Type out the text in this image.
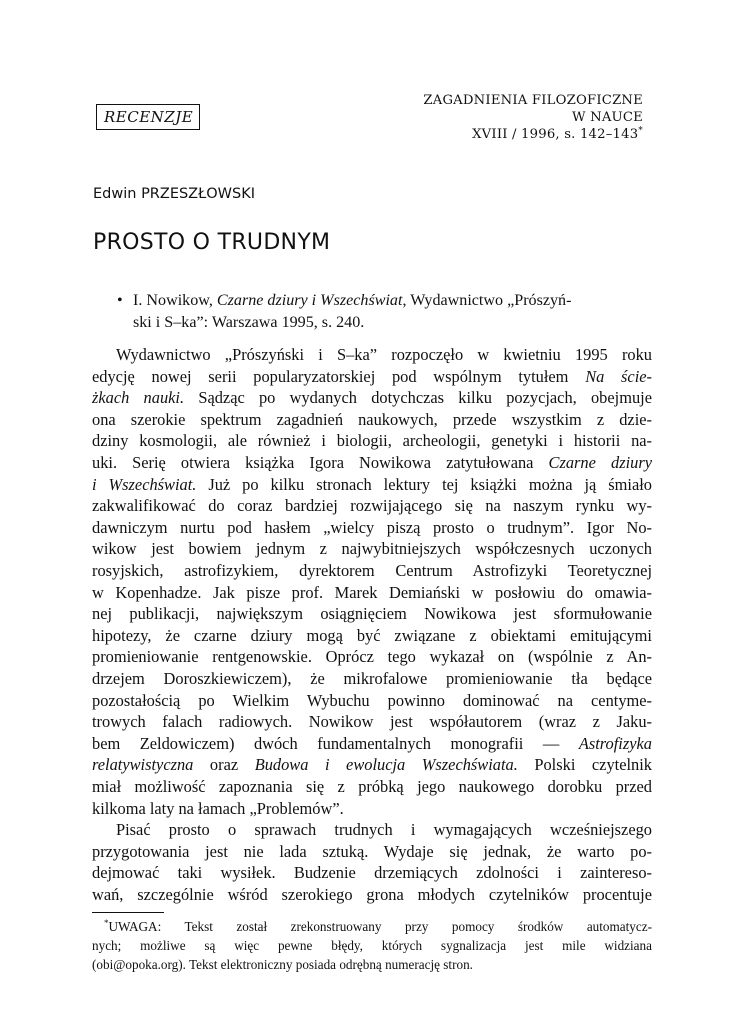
RECENZJE
ZAGADNIENIA FILOZOFICZNE
W NAUCE
XVIII / 1996, s. 142–143*
Edwin PRZESZŁOWSKI
PROSTO O TRUDNYM
• I. Nowikow, Czarne dziury i Wszechświat, Wydawnictwo „Prószyń-
ski i S–ka”: Warszawa 1995, s. 240.
Wydawnictwo „Prószyński i S–ka” rozpoczęło w kwietniu 1995 roku
edycję nowej serii popularyzatorskiej pod wspólnym tytułem Na ście-
żkach nauki. Sądząc po wydanych dotychczas kilku pozycjach, obejmuje
ona szerokie spektrum zagadnień naukowych, przede wszystkim z dzie-
dziny kosmologii, ale również i biologii, archeologii, genetyki i historii na-
uki. Serię otwiera książka Igora Nowikowa zatytułowana Czarne dziury
i Wszechświat. Już po kilku stronach lektury tej książki można ją śmiało
zakwalifikować do coraz bardziej rozwijającego się na naszym rynku wy-
dawniczym nurtu pod hasłem „wielcy piszą prosto o trudnym”. Igor No-
wikow jest bowiem jednym z najwybitniejszych współczesnych uczonych
rosyjskich, astrofizykiem, dyrektorem Centrum Astrofizyki Teoretycznej
w Kopenhadze. Jak pisze prof. Marek Demiański w posłowiu do omawia-
nej publikacji, największym osiągnięciem Nowikowa jest sformułowanie
hipotezy, że czarne dziury mogą być związane z obiektami emitującymi
promieniowanie rentgenowskie. Oprócz tego wykazał on (wspólnie z An-
drzejem Doroszkiewiczem), że mikrofalowe promieniowanie tła będące
pozostałością po Wielkim Wybuchu powinno dominować na centyme-
trowych falach radiowych. Nowikow jest współautorem (wraz z Jaku-
bem Zeldowiczem) dwóch fundamentalnych monografii — Astrofizyka
relatywistyczna oraz Budowa i ewolucja Wszechświata. Polski czytelnik
miał możliwość zapoznania się z próbką jego naukowego dorobku przed
kilkoma laty na łamach „Problemów”.
Pisać prosto o sprawach trudnych i wymagających wcześniejszego
przygotowania jest nie lada sztuką. Wydaje się jednak, że warto po-
dejmować taki wysiłek. Budzenie drzemiących zdolności i zaintereso-
wań, szczególnie wśród szerokiego grona młodych czytelników procentuje
*UWAGA: Tekst został zrekonstruowany przy pomocy środków automatycz-
nych; możliwe są więc pewne błędy, których sygnalizacja jest mile widziana
(obi@opoka.org). Tekst elektroniczny posiada odrębną numerację stron.
